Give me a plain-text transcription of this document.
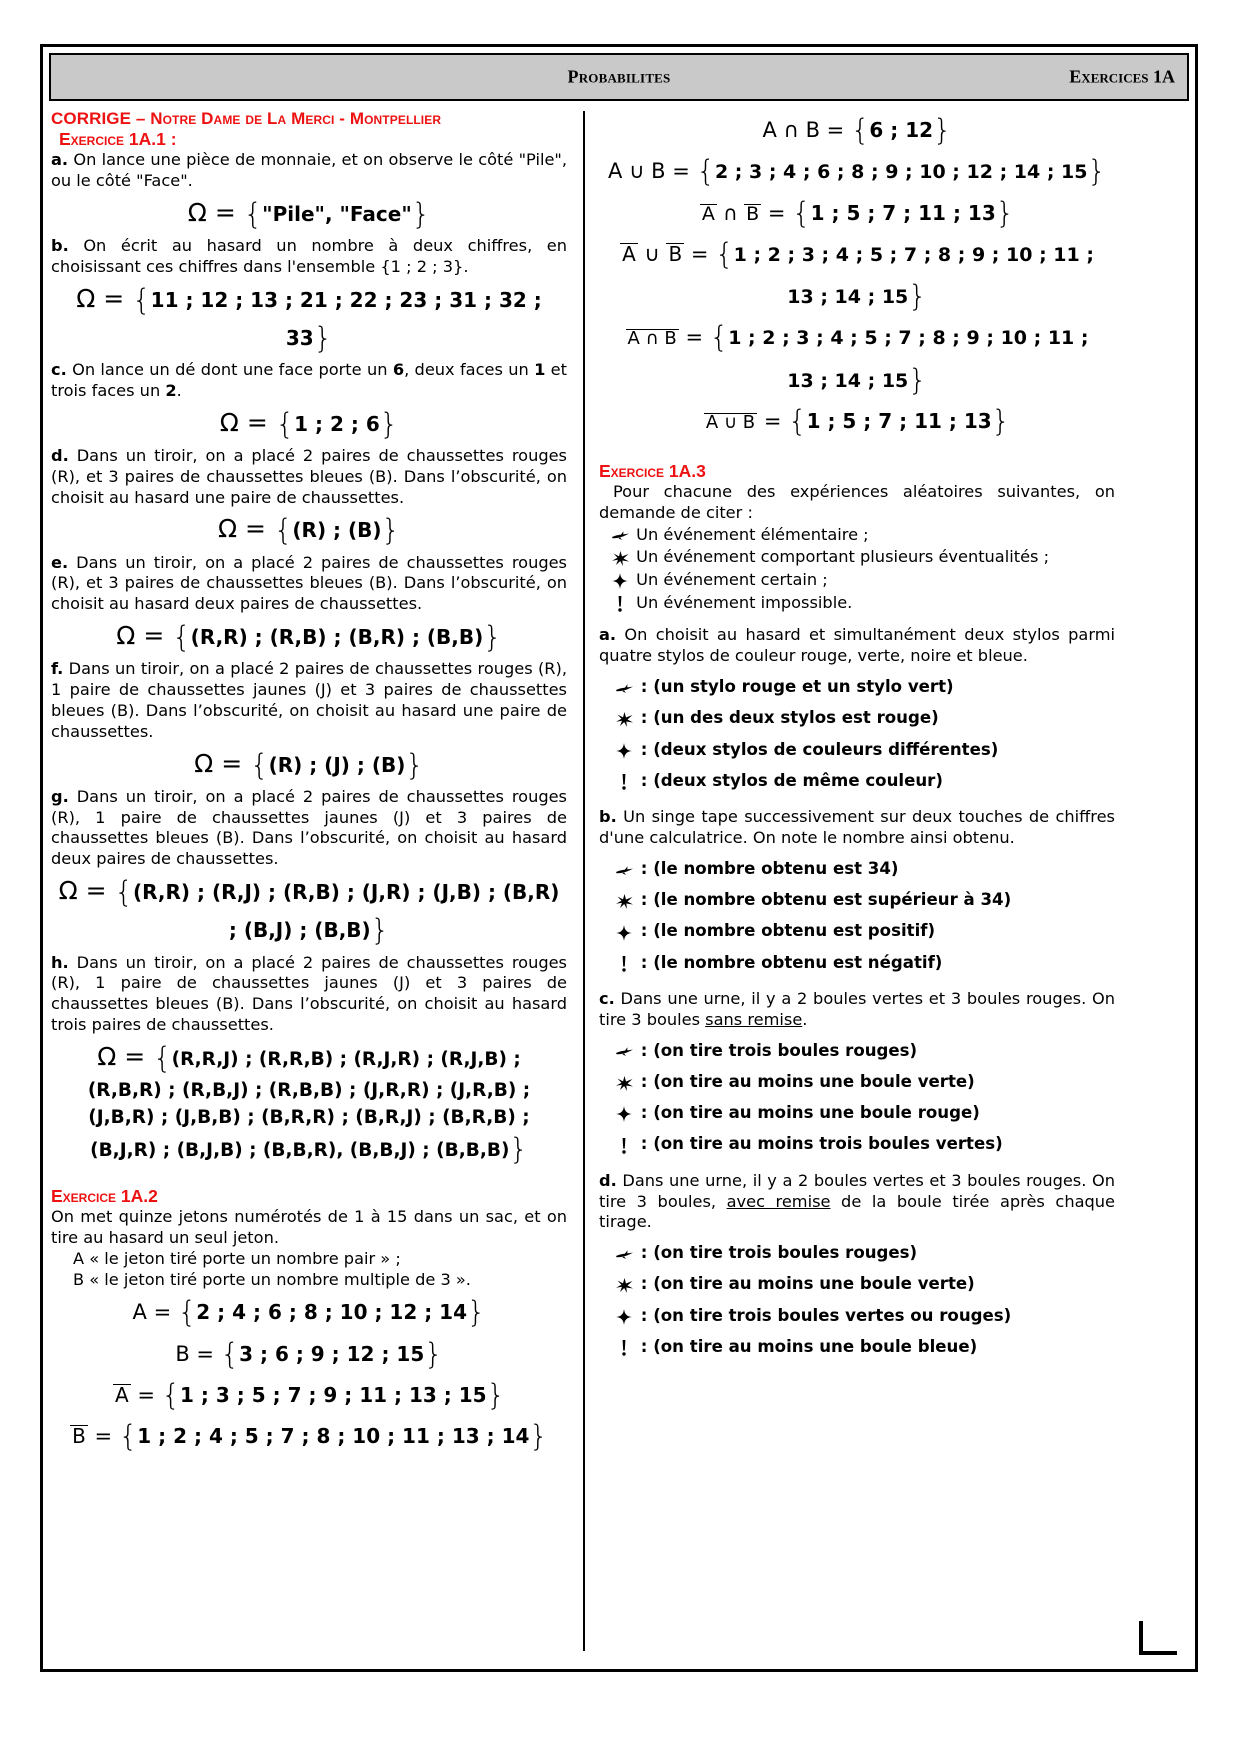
Probabilites	Exercices 1A
CORRIGE – Notre Dame de La Merci - Montpellier
Exercice 1A.1 :

a. On lance une pièce de monnaie, et on observe le côté "Pile", ou le côté "Face".

Ω = {"Pile", "Face"}

b. On écrit au hasard un nombre à deux chiffres, en choisissant ces chiffres dans l'ensemble {1 ; 2 ; 3}.

Ω = {11 ; 12 ; 13 ; 21 ; 22 ; 23 ; 31 ; 32 ; 33}

c. On lance un dé dont une face porte un 6, deux faces un 1 et trois faces un 2.

Ω = {1 ; 2 ; 6}

d. Dans un tiroir, on a placé 2 paires de chaussettes rouges (R), et 3 paires de chaussettes bleues (B). Dans l’obscurité, on choisit au hasard une paire de chaussettes.

Ω = {(R) ; (B)}

e. Dans un tiroir, on a placé 2 paires de chaussettes rouges (R), et 3 paires de chaussettes bleues (B). Dans l’obscurité, on choisit au hasard deux paires de chaussettes.

Ω = {(R,R) ; (R,B) ; (B,R) ; (B,B)}

f. Dans un tiroir, on a placé 2 paires de chaussettes rouges (R), 1 paire de chaussettes jaunes (J) et 3 paires de chaussettes bleues (B). Dans l’obscurité, on choisit au hasard une paire de chaussettes.

Ω = {(R) ; (J) ; (B)}

g. Dans un tiroir, on a placé 2 paires de chaussettes rouges (R), 1 paire de chaussettes jaunes (J) et 3 paires de chaussettes bleues (B). Dans l’obscurité, on choisit au hasard deux paires de chaussettes.

Ω = {(R,R) ; (R,J) ; (R,B) ; (J,R) ; (J,B) ; (B,R)
; (B,J) ; (B,B)}

h. Dans un tiroir, on a placé 2 paires de chaussettes rouges (R), 1 paire de chaussettes jaunes (J) et 3 paires de chaussettes bleues (B). Dans l’obscurité, on choisit au hasard trois paires de chaussettes.

Ω = {(R,R,J) ; (R,R,B) ; (R,J,R) ; (R,J,B) ;
(R,B,R) ; (R,B,J) ; (R,B,B) ; (J,R,R) ; (J,R,B) ;
(J,B,R) ; (J,B,B) ; (B,R,R) ; (B,R,J) ; (B,R,B) ;
(B,J,R) ; (B,J,B) ; (B,B,R), (B,B,J) ; (B,B,B)}
Exercice 1A.2

On met quinze jetons numérotés de 1 à 15 dans un sac, et on tire au hasard un seul jeton.

A « le jeton tiré porte un nombre pair » ;

B « le jeton tiré porte un nombre multiple de 3 ».

A = {2 ; 4 ; 6 ; 8 ; 10 ; 12 ; 14}
B = {3 ; 6 ; 9 ; 12 ; 15}
A = {1 ; 3 ; 5 ; 7 ; 9 ; 11 ; 13 ; 15}
B = {1 ; 2 ; 4 ; 5 ; 7 ; 8 ; 10 ; 11 ; 13 ; 14}
A ∩ B = {6 ; 12}
A ∪ B = {2 ; 3 ; 4 ; 6 ; 8 ; 9 ; 10 ; 12 ; 14 ; 15}
A ∩ B = {1 ; 5 ; 7 ; 11 ; 13}
A ∪ B = {1 ; 2 ; 3 ; 4 ; 5 ; 7 ; 8 ; 9 ; 10 ; 11 ;
13 ; 14 ; 15}
A ∩ B = {1 ; 2 ; 3 ; 4 ; 5 ; 7 ; 8 ; 9 ; 10 ; 11 ;
13 ; 14 ; 15}
A ∪ B = {1 ; 5 ; 7 ; 11 ; 13}
Exercice 1A.3

Pour chacune des expériences aléatoires suivantes, on demande de citer :

Un événement élémentaire ;
Un événement comportant plusieurs éventualités ;
Un événement certain ;
Un événement impossible.

a. On choisit au hasard et simultanément deux stylos parmi quatre stylos de couleur rouge, verte, noire et bleue.

: (un stylo rouge et un stylo vert)
: (un des deux stylos est rouge)
: (deux stylos de couleurs différentes)
: (deux stylos de même couleur)

b. Un singe tape successivement sur deux touches de chiffres d'une calculatrice. On note le nombre ainsi obtenu.

: (le nombre obtenu est 34)
: (le nombre obtenu est supérieur à 34)
: (le nombre obtenu est positif)
: (le nombre obtenu est négatif)

c. Dans une urne, il y a 2 boules vertes et 3 boules rouges. On tire 3 boules sans remise.

: (on tire trois boules rouges)
: (on tire au moins une boule verte)
: (on tire au moins une boule rouge)
: (on tire au moins trois boules vertes)

d. Dans une urne, il y a 2 boules vertes et 3 boules rouges. On tire 3 boules, avec remise de la boule tirée après chaque tirage.

: (on tire trois boules rouges)
: (on tire au moins une boule verte)
: (on tire trois boules vertes ou rouges)
: (on tire au moins une boule bleue)
